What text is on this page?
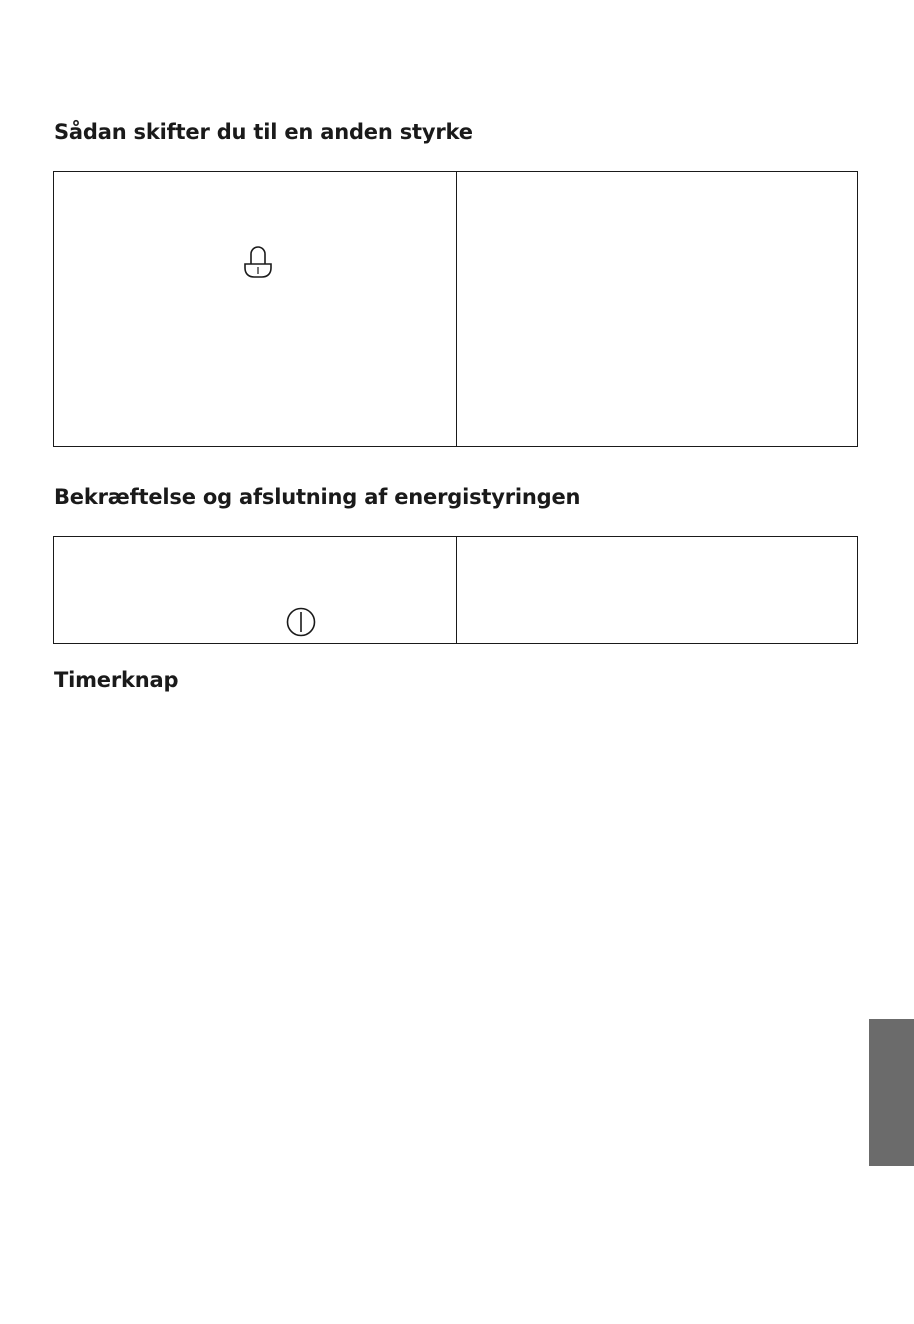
Sådan skifter du til en anden styrke
Bekræftelse og afslutning af energistyringen
Timerknap
